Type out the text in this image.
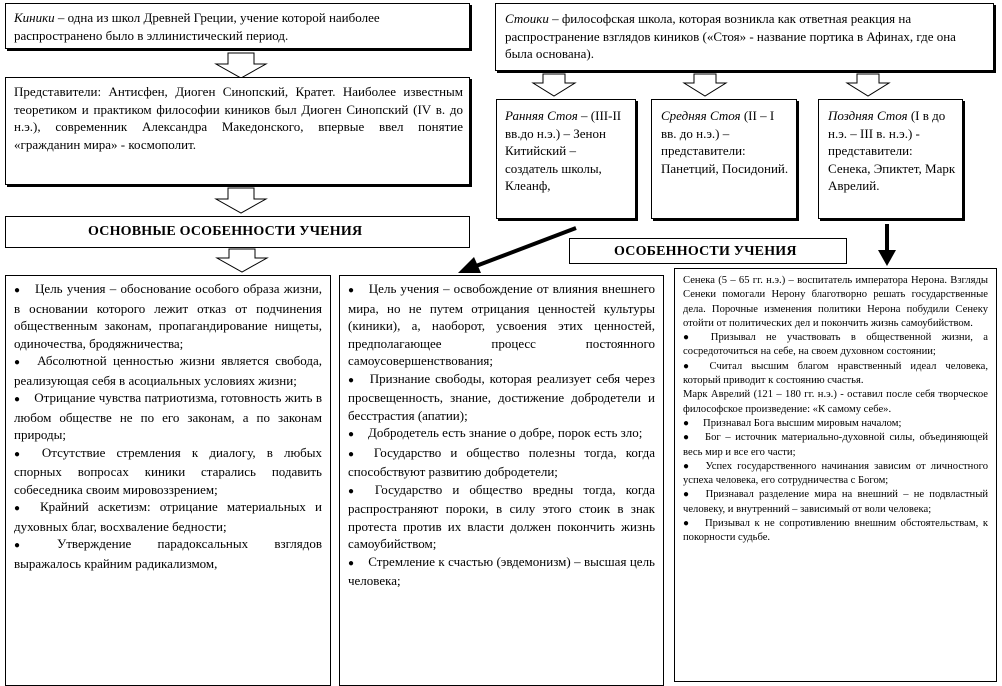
Киники – одна из школ Древней Греции, учение которой наиболее распространено было в эллинистический период.

Стоики – философская школа, которая возникла как ответная реакция на распространение взглядов киников («Стоя» - название портика в Афинах, где она была основана).

Представители: Антисфен, Диоген Синопский, Кратет. Наиболее известным теоретиком и практиком философии киников был Диоген Синопский (IV в. до н.э.), современник Александра Македонского, впервые ввел понятие «гражданин мира» - космополит.

Ранняя Стоя – (III-II вв.до н.э.) – Зенон Китийский – создатель школы, Клеанф,

Средняя Стоя (II – I вв. до н.э.) – представители: Панетций, Посидоний.

Поздняя Стоя (I в до н.э. – III в. н.э.) - представители: Сенека, Эпиктет, Марк Аврелий.

ОСНОВНЫЕ ОСОБЕННОСТИ УЧЕНИЯ
ОСОБЕННОСТИ УЧЕНИЯ
● Цель учения – обоснование особого образа жизни, в основании которого лежит отказ от подчинения общественным законам, пропагандирование нищеты, одиночества, бродяжничества;
● Абсолютной ценностью жизни является свобода, реализующая себя в асоциальных условиях жизни;
● Отрицание чувства патриотизма, готовность жить в любом обществе не по его законам, а по законам природы;
● Отсутствие стремления к диалогу, в любых спорных вопросах киники старались подавить собеседника своим мировоззрением;
● Крайний аскетизм: отрицание материальных и духовных благ, восхваление бедности;
● Утверждение парадоксальных взглядов выражалось крайним радикализмом,
● Цель учения – освобождение от влияния внешнего мира, но не путем отрицания ценностей культуры (киники), а, наоборот, усвоения этих ценностей, предполагающее процесс постоянного самоусовершенствования;
● Признание свободы, которая реализует себя через просвещенность, знание, достижение добродетели и бесстрастия (апатии);
● Добродетель есть знание о добре, порок есть зло;
● Государство и общество полезны тогда, когда способствуют развитию добродетели;
● Государство и общество вредны тогда, когда распространяют пороки, в силу этого стоик в знак протеста против их власти должен покончить жизнь самоубийством;
● Стремление к счастью (эвдемонизм) – высшая цель человека;
Сенека (5 – 65 гг. н.э.) – воспитатель императора Нерона. Взгляды Сенеки помогали Нерону благотворно решать государственные дела. Порочные изменения политики Нерона побудили Сенеку отойти от политических дел и покончить жизнь самоубийством.
● Призывал не участвовать в общественной жизни, а сосредоточиться на себе, на своем духовном состоянии;
● Считал высшим благом нравственный идеал человека, который приводит к состоянию счастья.
Марк Аврелий (121 – 180 гг. н.э.) - оставил после себя творческое философское произведение: «К самому себе».
● Признавал Бога высшим мировым началом;
● Бог – источник материально-духовной силы, объединяющей весь мир и все его части;
● Успех государственного начинания зависим от личностного успеха человека, его сотрудничества с Богом;
● Признавал разделение мира на внешний – не подвластный человеку, и внутренний – зависимый от воли человека;
● Призывал к не сопротивлению внешним обстоятельствам, к покорности судьбе.
